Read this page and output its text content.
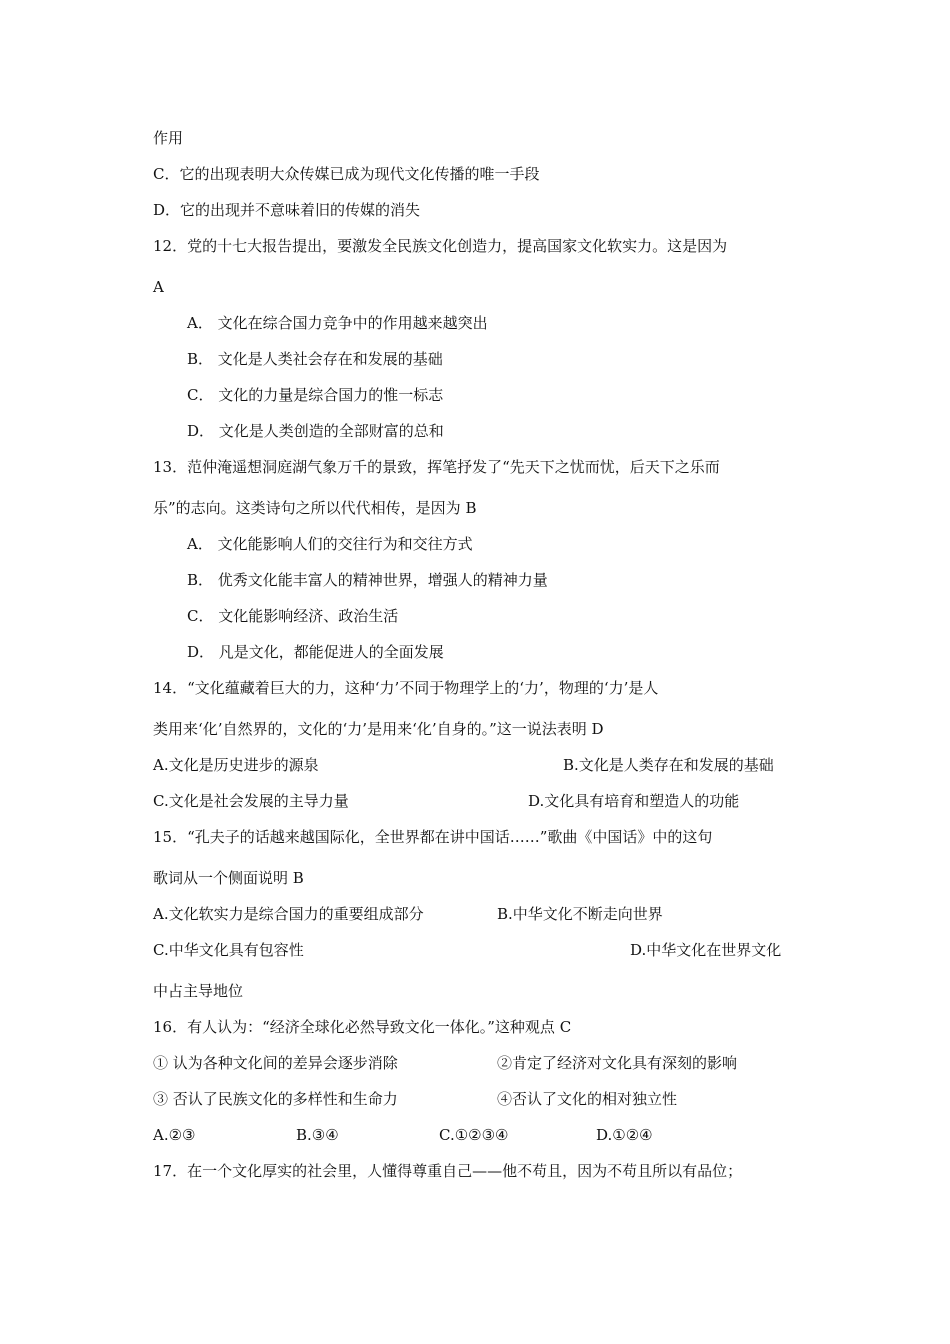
作用
C．它的出现表明大众传媒已成为现代文化传播的唯一手段
D．它的出现并不意味着旧的传媒的消失
12．党的十七大报告提出，要激发全民族文化创造力，提高国家文化软实力。这是因为
A
A． 文化在综合国力竞争中的作用越来越突出
B． 文化是人类社会存在和发展的基础
C． 文化的力量是综合国力的惟一标志
D． 文化是人类创造的全部财富的总和
13．范仲淹遥想洞庭湖气象万千的景致，挥笔抒发了“先天下之忧而忧，后天下之乐而
乐”的志向。这类诗句之所以代代相传，是因为 B
A． 文化能影响人们的交往行为和交往方式
B． 优秀文化能丰富人的精神世界，增强人的精神力量
C． 文化能影响经济、政治生活
D． 凡是文化，都能促进人的全面发展
14．“文化蕴藏着巨大的力，这种‘力’不同于物理学上的‘力’，物理的‘力’是人
类用来‘化’自然界的，文化的‘力’是用来‘化’自身的。”这一说法表明 D
A.文化是历史进步的源泉	B.文化是人类存在和发展的基础
C.文化是社会发展的主导力量	D.文化具有培育和塑造人的功能
15．“孔夫子的话越来越国际化，全世界都在讲中国话……”歌曲《中国话》中的这句
歌词从一个侧面说明 B
A.文化软实力是综合国力的重要组成部分	B.中华文化不断走向世界
C.中华文化具有包容性	D.中华文化在世界文化
中占主导地位
16．有人认为：“经济全球化必然导致文化一体化。”这种观点 C
① 认为各种文化间的差异会逐步消除	②肯定了经济对文化具有深刻的影响
③ 否认了民族文化的多样性和生命力	④否认了文化的相对独立性
A.②③	B.③④	C.①②③④	D.①②④
17．在一个文化厚实的社会里，人懂得尊重自己——他不苟且，因为不苟且所以有品位；
